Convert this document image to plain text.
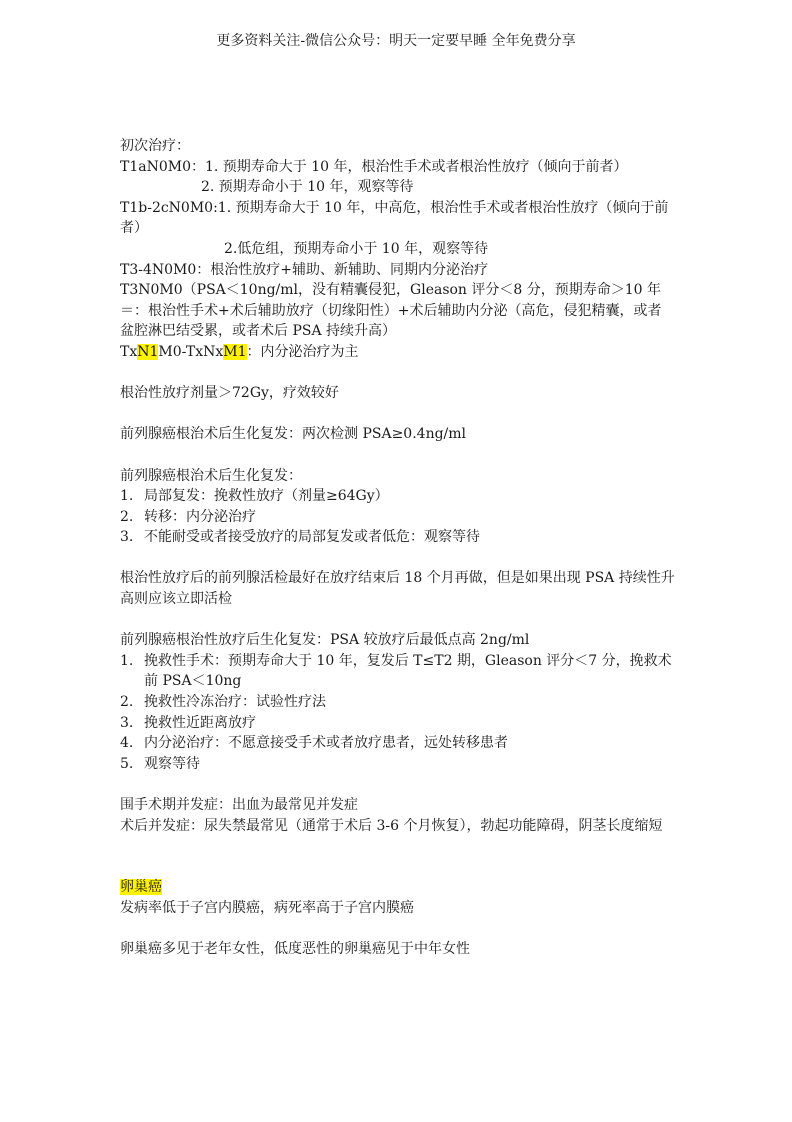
更多资料关注-微信公众号：明天一定要早睡 全年免费分享
初次治疗：
T1aN0M0：1. 预期寿命大于 10 年，根治性手术或者根治性放疗（倾向于前者）
2. 预期寿命小于 10 年，观察等待
T1b-2cN0M0:1. 预期寿命大于 10 年，中高危，根治性手术或者根治性放疗（倾向于前者）
2.低危组，预期寿命小于 10 年，观察等待
T3-4N0M0：根治性放疗+辅助、新辅助、同期内分泌治疗
T3N0M0（PSA＜10ng/ml，没有精囊侵犯，Gleason 评分＜8 分，预期寿命＞10 年＝：根治性手术+术后辅助放疗（切缘阳性）+术后辅助内分泌（高危，侵犯精囊，或者盆腔淋巴结受累，或者术后 PSA 持续升高）
TxN1M0-TxNxM1：内分泌治疗为主
根治性放疗剂量＞72Gy，疗效较好
前列腺癌根治术后生化复发：两次检测 PSA≥0.4ng/ml
前列腺癌根治术后生化复发：
1. 局部复发：挽救性放疗（剂量≥64Gy）
2. 转移：内分泌治疗
3. 不能耐受或者接受放疗的局部复发或者低危：观察等待
根治性放疗后的前列腺活检最好在放疗结束后 18 个月再做，但是如果出现 PSA 持续性升高则应该立即活检
前列腺癌根治性放疗后生化复发：PSA 较放疗后最低点高 2ng/ml
1. 挽救性手术：预期寿命大于 10 年，复发后 T≤T2 期，Gleason 评分＜7 分，挽救术前 PSA＜10ng
2. 挽救性冷冻治疗：试验性疗法
3. 挽救性近距离放疗
4. 内分泌治疗：不愿意接受手术或者放疗患者，远处转移患者
5. 观察等待
围手术期并发症：出血为最常见并发症
术后并发症：尿失禁最常见（通常于术后 3-6 个月恢复），勃起功能障碍，阴茎长度缩短
卵巢癌
发病率低于子宫内膜癌，病死率高于子宫内膜癌
卵巢癌多见于老年女性，低度恶性的卵巢癌见于中年女性
